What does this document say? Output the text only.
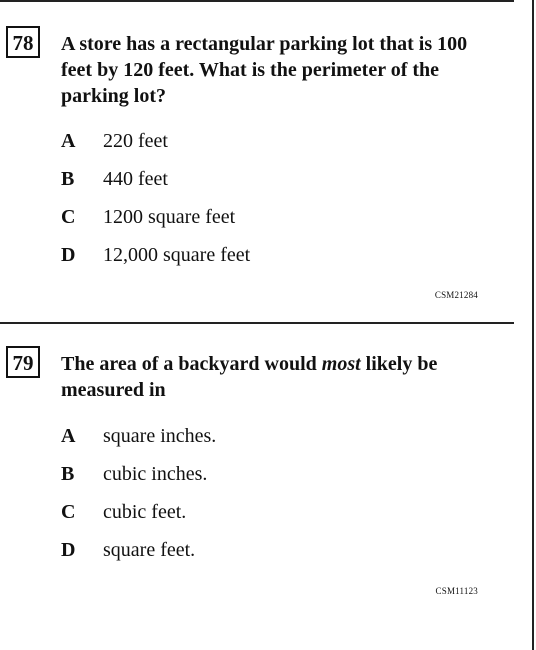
78	A store has a rectangular parking lot that is 100 feet by 120 feet. What is the perimeter of the parking lot?
A 220 feet
B 440 feet
C 1200 square feet
D 12,000 square feet
CSM21284
79	The area of a backyard would most likely be measured in
A square inches.
B cubic inches.
C cubic feet.
D square feet.
CSM11123
